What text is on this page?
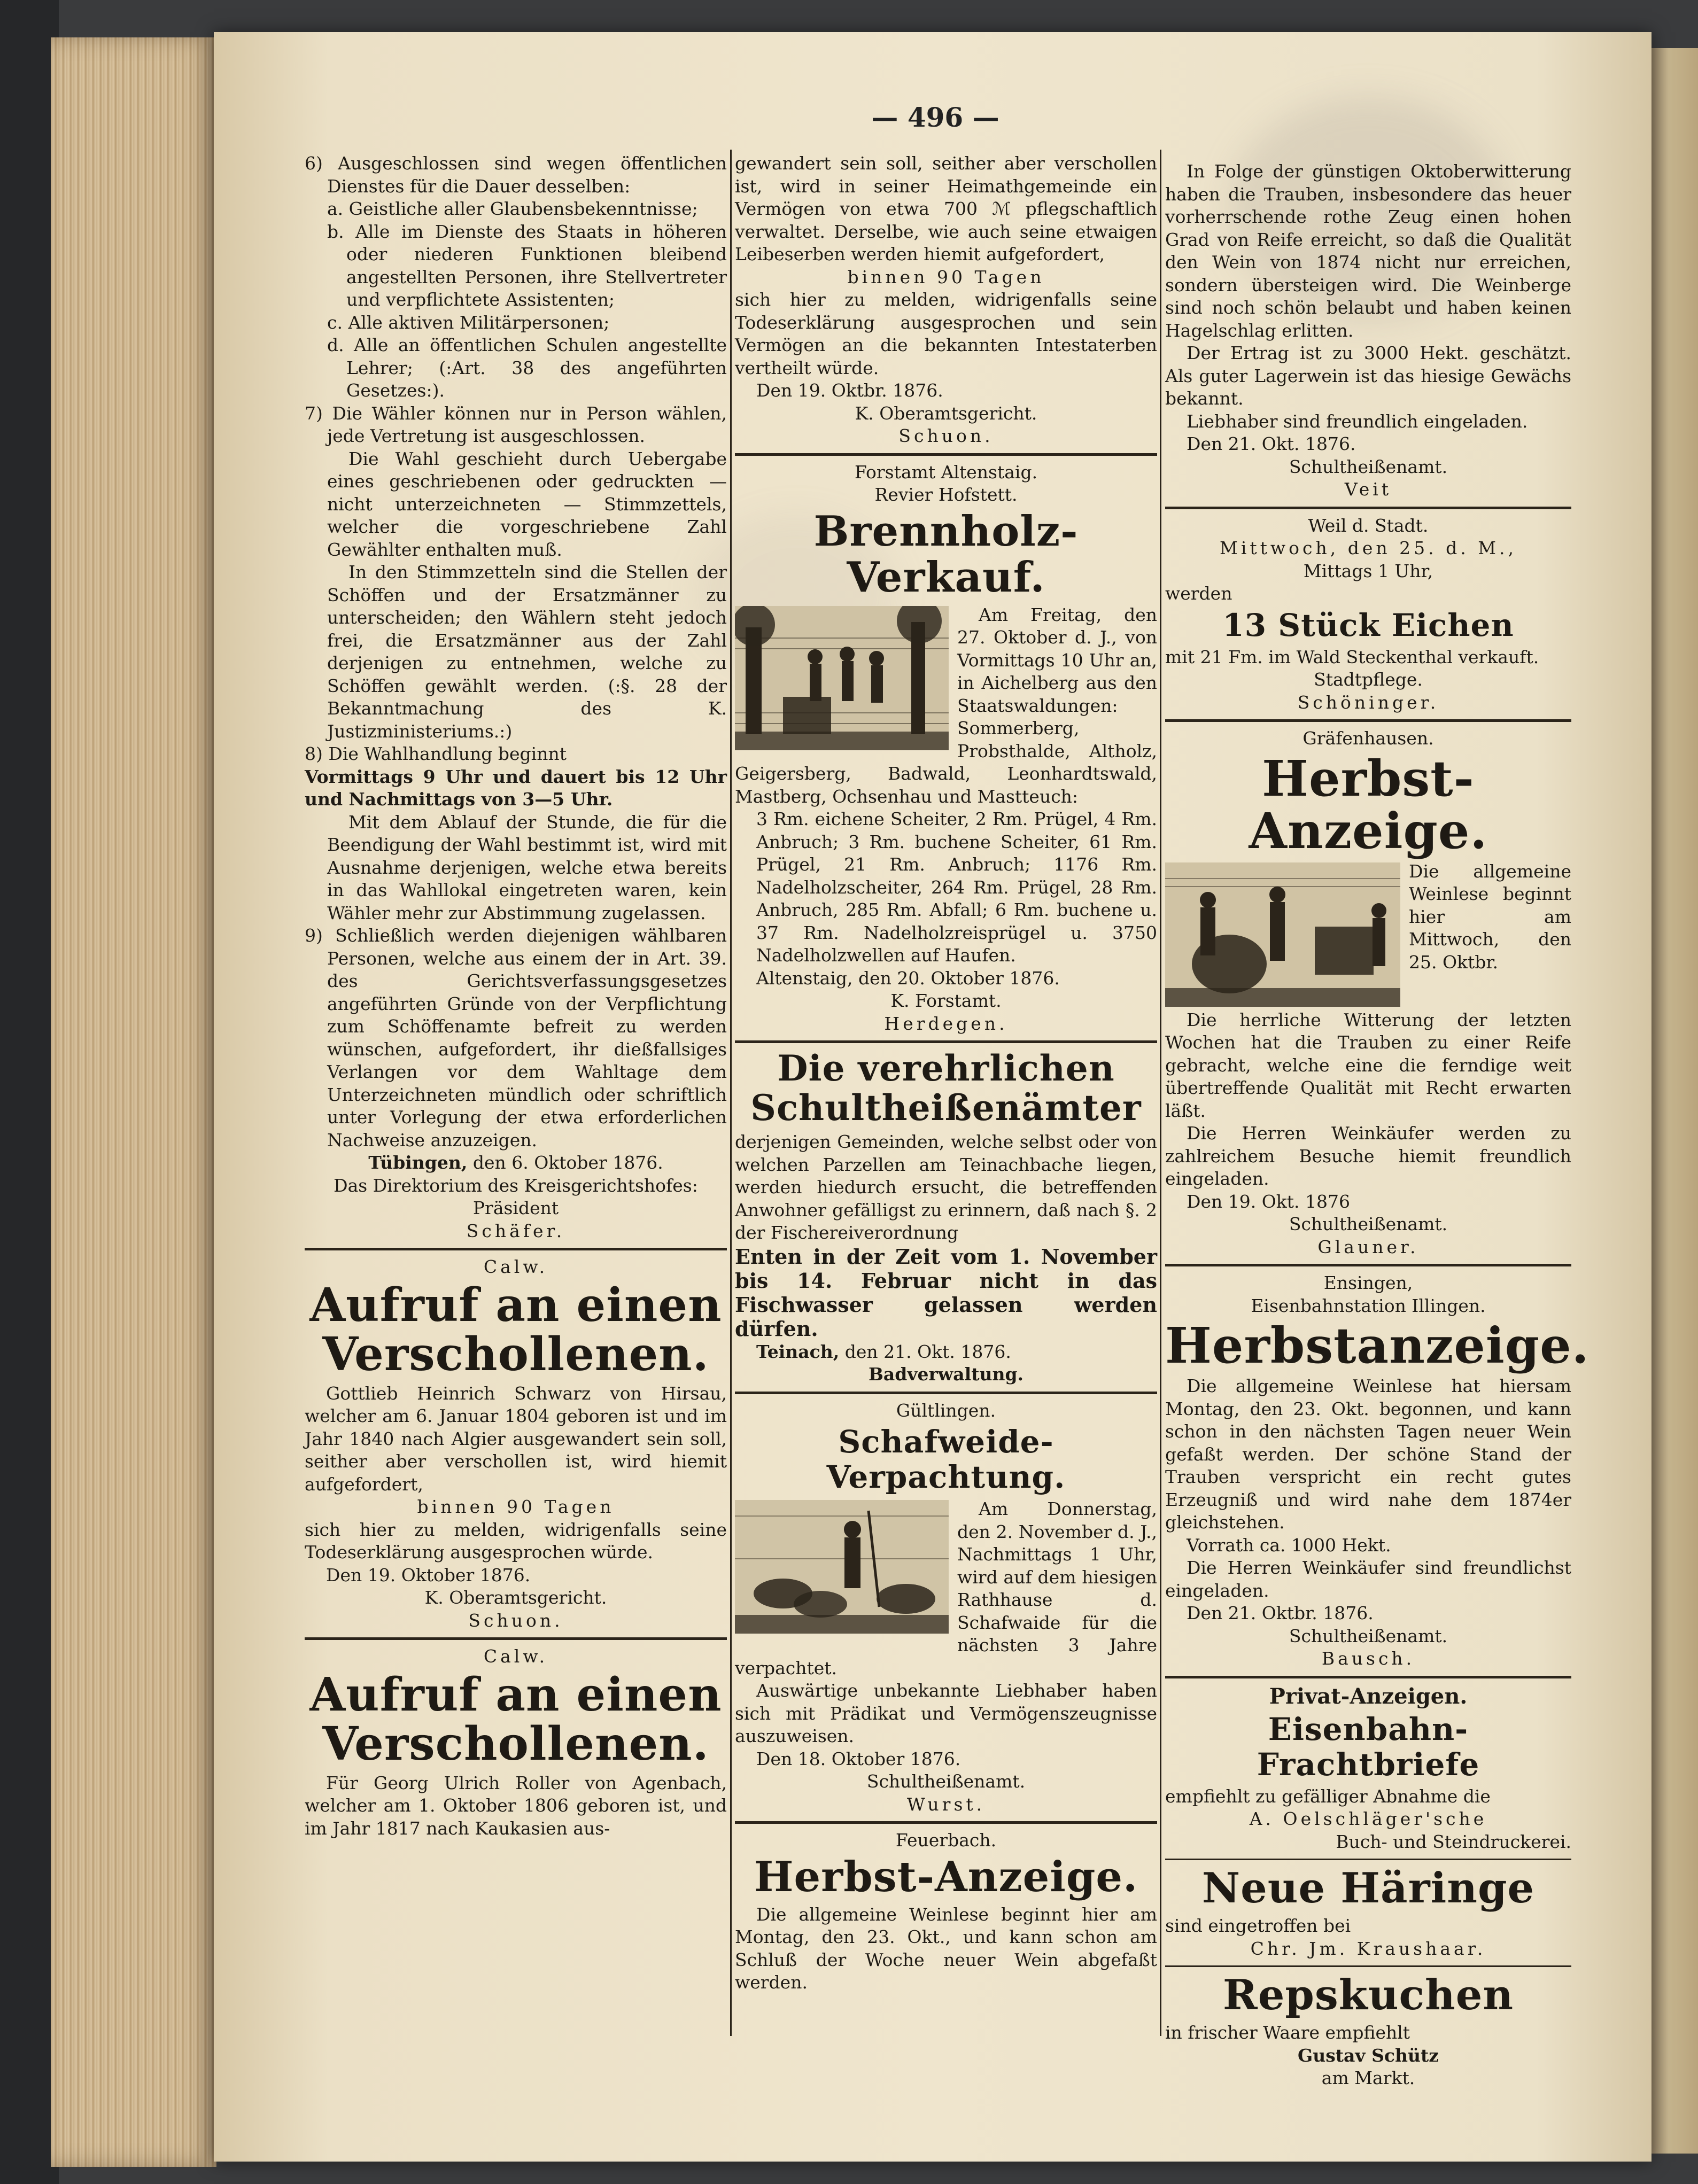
— 496 —

6) Ausgeschlossen sind wegen öffentlichen Dienstes für die Dauer desselben:

a. Geistliche aller Glaubensbekenntnisse;

b. Alle im Dienste des Staats in höheren oder niederen Funktionen bleibend angestellten Personen, ihre Stellvertreter und verpflichtete Assistenten;

c. Alle aktiven Militärpersonen;

d. Alle an öffentlichen Schulen angestellte Lehrer; (:Art. 38 des angeführten Gesetzes:).

7) Die Wähler können nur in Person wählen, jede Vertretung ist ausgeschlossen.

Die Wahl geschieht durch Uebergabe eines geschriebenen oder gedruckten — nicht unterzeichneten — Stimmzettels, welcher die vorgeschriebene Zahl Gewählter enthalten muß.

In den Stimmzetteln sind die Stellen der Schöffen und der Ersatzmänner zu unterscheiden; den Wählern steht jedoch frei, die Ersatzmänner aus der Zahl derjenigen zu entnehmen, welche zu Schöffen gewählt werden. (:§. 28 der Bekanntmachung des K. Justizministeriums.:)

8) Die Wahlhandlung beginnt

Vormittags 9 Uhr und dauert bis 12 Uhr und Nachmittags von 3—5 Uhr.

Mit dem Ablauf der Stunde, die für die Beendigung der Wahl bestimmt ist, wird mit Ausnahme derjenigen, welche etwa bereits in das Wahllokal eingetreten waren, kein Wähler mehr zur Abstimmung zugelassen.

9) Schließlich werden diejenigen wählbaren Personen, welche aus einem der in Art. 39. des Gerichtsverfassungsgesetzes angeführten Gründe von der Verpflichtung zum Schöffenamte befreit zu werden wünschen, aufgefordert, ihr dießfallsiges Verlangen vor dem Wahltage dem Unterzeichneten mündlich oder schriftlich unter Vorlegung der etwa erforderlichen Nachweise anzuzeigen.

Tübingen, den 6. Oktober 1876.

Das Direktorium des Kreisgerichtshofes:

Präsident

Schäfer.

Calw.

Aufruf an einen Verschollenen.

Gottlieb Heinrich Schwarz von Hirsau, welcher am 6. Januar 1804 geboren ist und im Jahr 1840 nach Algier ausgewandert sein soll, seither aber verschollen ist, wird hiemit aufgefordert,

binnen 90 Tagen

sich hier zu melden, widrigenfalls seine Todeserklärung ausgesprochen würde.

Den 19. Oktober 1876.

K. Oberamtsgericht.

Schuon.

Calw.

Aufruf an einen Verschollenen.

Für Georg Ulrich Roller von Agenbach, welcher am 1. Oktober 1806 geboren ist, und im Jahr 1817 nach Kaukasien aus-

gewandert sein soll, seither aber verschollen ist, wird in seiner Heimathgemeinde ein Vermögen von etwa 700 ℳ pflegschaftlich verwaltet. Derselbe, wie auch seine etwaigen Leibeserben werden hiemit aufgefordert,

binnen 90 Tagen

sich hier zu melden, widrigenfalls seine Todeserklärung ausgesprochen und sein Vermögen an die bekannten Intestaterben vertheilt würde.

Den 19. Oktbr. 1876.

K. Oberamtsgericht.

Schuon.

Forstamt Altenstaig.

Revier Hofstett.

Brennholz-Verkauf.

Am Freitag, den 27. Oktober d. J., von Vormittags 10 Uhr an, in Aichelberg aus den Staatswaldungen: Sommerberg, Probsthalde, Altholz, Geigersberg, Badwald, Leonhardtswald, Mastberg, Ochsenhau und Mastteuch:

3 Rm. eichene Scheiter, 2 Rm. Prügel, 4 Rm. Anbruch; 3 Rm. buchene Scheiter, 61 Rm. Prügel, 21 Rm. Anbruch; 1176 Rm. Nadelholzscheiter, 264 Rm. Prügel, 28 Rm. Anbruch, 285 Rm. Abfall; 6 Rm. buchene u. 37 Rm. Nadelholzreisprügel u. 3750 Nadelholzwellen auf Haufen.

Altenstaig, den 20. Oktober 1876.

K. Forstamt.

Herdegen.

Die verehrlichen Schultheißenämter

derjenigen Gemeinden, welche selbst oder von welchen Parzellen am Teinachbache liegen, werden hiedurch ersucht, die betreffenden Anwohner gefälligst zu erinnern, daß nach §. 2 der Fischereiverordnung

Enten in der Zeit vom 1. November bis 14. Februar nicht in das Fischwasser gelassen werden dürfen.

Teinach, den 21. Okt. 1876.

Badverwaltung.

Gültlingen.

Schafweide-Verpachtung.

Am Donnerstag, den 2. November d. J., Nachmittags 1 Uhr, wird auf dem hiesigen Rathhause d. Schafwaide für die nächsten 3 Jahre verpachtet.

Auswärtige unbekannte Liebhaber haben sich mit Prädikat und Vermögenszeugnisse auszuweisen.

Den 18. Oktober 1876.

Schultheißenamt.

Wurst.

Feuerbach.

Herbst-Anzeige.

Die allgemeine Weinlese beginnt hier am Montag, den 23. Okt., und kann schon am Schluß der Woche neuer Wein abgefaßt werden.

In Folge der günstigen Oktoberwitterung haben die Trauben, insbesondere das heuer vorherrschende rothe Zeug einen hohen Grad von Reife erreicht, so daß die Qualität den Wein von 1874 nicht nur erreichen, sondern übersteigen wird. Die Weinberge sind noch schön belaubt und haben keinen Hagelschlag erlitten.

Der Ertrag ist zu 3000 Hekt. geschätzt. Als guter Lagerwein ist das hiesige Gewächs bekannt.

Liebhaber sind freundlich eingeladen.

Den 21. Okt. 1876.

Schultheißenamt.

Veit

Weil d. Stadt.

Mittwoch, den 25. d. M.,

Mittags 1 Uhr,

werden

13 Stück Eichen

mit 21 Fm. im Wald Steckenthal verkauft.

Stadtpflege.

Schöninger.

Gräfenhausen.

Herbst-Anzeige.

Die allgemeine Weinlese beginnt hier am Mittwoch, den 25. Oktbr.

Die herrliche Witterung der letzten Wochen hat die Trauben zu einer Reife gebracht, welche eine die ferndige weit übertreffende Qualität mit Recht erwarten läßt.

Die Herren Weinkäufer werden zu zahlreichem Besuche hiemit freundlich eingeladen.

Den 19. Okt. 1876

Schultheißenamt.

Glauner.

Ensingen,

Eisenbahnstation Illingen.

Herbstanzeige.

Die allgemeine Weinlese hat hiersam Montag, den 23. Okt. begonnen, und kann schon in den nächsten Tagen neuer Wein gefaßt werden. Der schöne Stand der Trauben verspricht ein recht gutes Erzeugniß und wird nahe dem 1874er gleichstehen.

Vorrath ca. 1000 Hekt.

Die Herren Weinkäufer sind freundlichst eingeladen.

Den 21. Oktbr. 1876.

Schultheißenamt.

Bausch.

Privat-Anzeigen.

Eisenbahn-Frachtbriefe

empfiehlt zu gefälliger Abnahme die

A. Oelschläger'sche

Buch- und Steindruckerei.

Neue Häringe

sind eingetroffen bei

Chr. Jm. Kraushaar.

Repskuchen

in frischer Waare empfiehlt

Gustav Schütz

am Markt.
